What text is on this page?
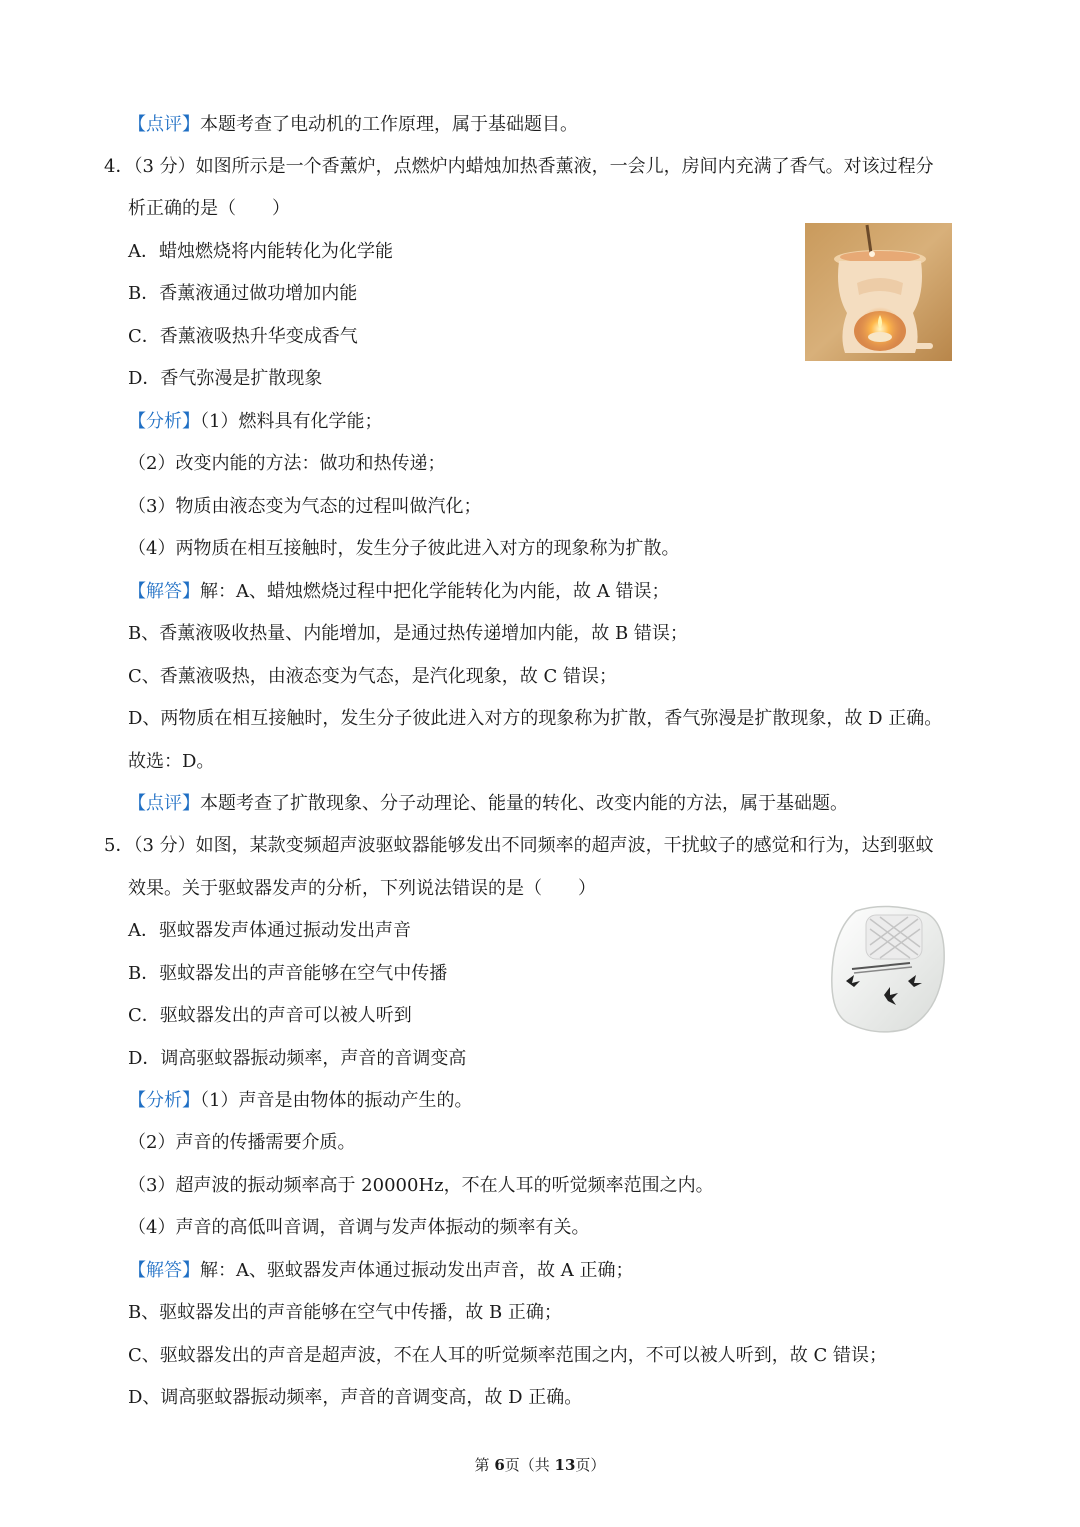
【点评】本题考查了电动机的工作原理，属于基础题目。
4．（3 分）如图所示是一个香薰炉，点燃炉内蜡烛加热香薰液，一会儿，房间内充满了香气。对该过程分
析正确的是（　　）
A．蜡烛燃烧将内能转化为化学能
B．香薰液通过做功增加内能
C．香薰液吸热升华变成香气
D．香气弥漫是扩散现象
【分析】（1）燃料具有化学能；
（2）改变内能的方法：做功和热传递；
（3）物质由液态变为气态的过程叫做汽化；
（4）两物质在相互接触时，发生分子彼此进入对方的现象称为扩散。
【解答】解：A、蜡烛燃烧过程中把化学能转化为内能，故 A 错误；
B、香薰液吸收热量、内能增加，是通过热传递增加内能，故 B 错误；
C、香薰液吸热，由液态变为气态，是汽化现象，故 C 错误；
D、两物质在相互接触时，发生分子彼此进入对方的现象称为扩散，香气弥漫是扩散现象，故 D 正确。
故选：D。
【点评】本题考查了扩散现象、分子动理论、能量的转化、改变内能的方法，属于基础题。
5．（3 分）如图，某款变频超声波驱蚊器能够发出不同频率的超声波，干扰蚊子的感觉和行为，达到驱蚊
效果。关于驱蚊器发声的分析，下列说法错误的是（　　）
A．驱蚊器发声体通过振动发出声音
B．驱蚊器发出的声音能够在空气中传播
C．驱蚊器发出的声音可以被人听到
D．调高驱蚊器振动频率，声音的音调变高
【分析】（1）声音是由物体的振动产生的。
（2）声音的传播需要介质。
（3）超声波的振动频率高于 20000Hz，不在人耳的听觉频率范围之内。
（4）声音的高低叫音调，音调与发声体振动的频率有关。
【解答】解：A、驱蚊器发声体通过振动发出声音，故 A 正确；
B、驱蚊器发出的声音能够在空气中传播，故 B 正确；
C、驱蚊器发出的声音是超声波，不在人耳的听觉频率范围之内，不可以被人听到，故 C 错误；
D、调高驱蚊器振动频率，声音的音调变高，故 D 正确。
第 6页（共 13页）
